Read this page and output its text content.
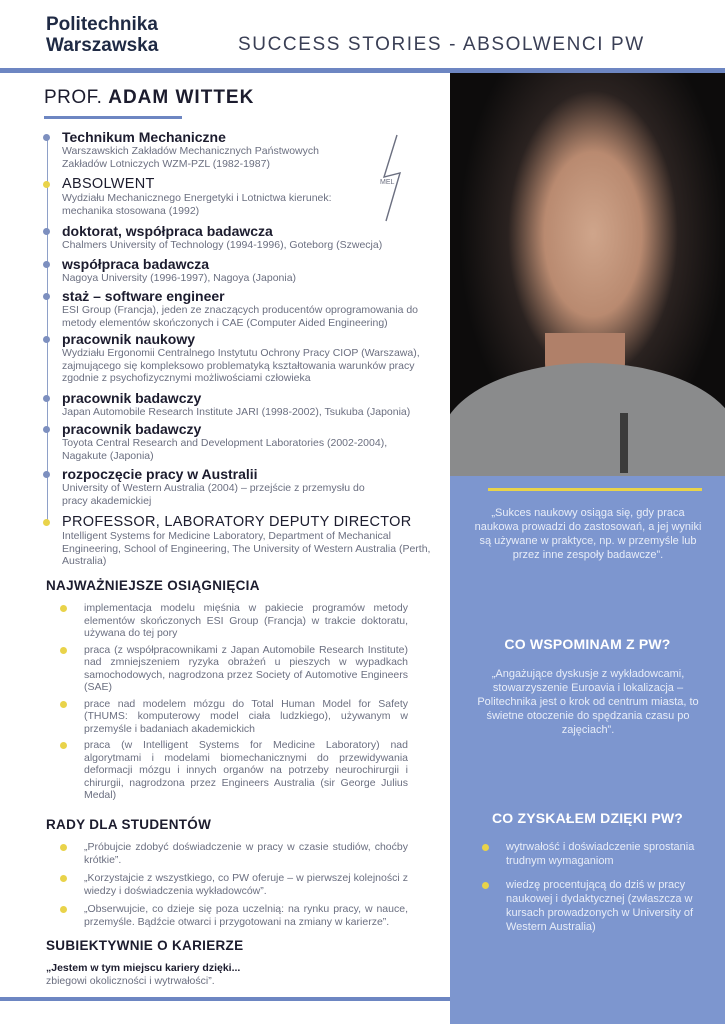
Politechnika
Warszawska	SUCCESS STORIES - ABSOLWENCI PW
PROF. ADAM WITTEK
Technikum Mechaniczne
Warszawskich Zakładów Mechanicznych Państwowych Zakładów Lotniczych WZM-PZL (1982-1987)
ABSOLWENT
Wydziału Mechanicznego Energetyki i Lotnictwa kierunek: mechanika stosowana (1992)
doktorat, współpraca badawcza
Chalmers University of Technology (1994-1996), Goteborg (Szwecja)
współpraca badawcza
Nagoya University (1996-1997), Nagoya (Japonia)
staż – software engineer
ESI Group (Francja), jeden ze znaczących producentów oprogramowania do metody elementów skończonych i CAE (Computer Aided Engineering)
pracownik naukowy
Wydziału Ergonomii Centralnego Instytutu Ochrony Pracy CIOP (Warszawa), zajmującego się kompleksowo problematyką kształtowania warunków pracy zgodnie z psychofizycznymi możliwościami człowieka
pracownik badawczy
Japan Automobile Research Institute JARI (1998-2002), Tsukuba (Japonia)
pracownik badawczy
Toyota Central Research and Development Laboratories (2002-2004), Nagakute (Japonia)
rozpoczęcie pracy w Australii
University of Western Australia (2004) – przejście z przemysłu do pracy akademickiej
PROFESSOR, LABORATORY DEPUTY DIRECTOR
Intelligent Systems for Medicine Laboratory, Department of Mechanical Engineering, School of Engineering, The University of Western Australia (Perth, Australia)
MEL
NAJWAŻNIEJSZE OSIĄGNIĘCIA
implementacja modelu mięśnia w pakiecie programów metody elementów skończonych ESI Group (Francja) w trakcie doktoratu, używana do tej pory
praca (z współpracownikami z Japan Automobile Research Institute) nad zmniejszeniem ryzyka obrażeń u pieszych w wypadkach samochodowych, nagrodzona przez Society of Automotive Engineers (SAE)
prace nad modelem mózgu do Total Human Model for Safety (THUMS: komputerowy model ciała ludzkiego), używanym w przemyśle i badaniach akademickich
praca (w Intelligent Systems for Medicine Laboratory) nad algorytmami i modelami biomechanicznymi do przewidywania deformacji mózgu i innych organów na potrzeby neurochirurgii i chirurgii, nagrodzona przez Engineers Australia (sir George Julius Medal)
RADY DLA STUDENTÓW
„Próbujcie zdobyć doświadczenie w pracy w czasie studiów, choćby krótkie”.
„Korzystajcie z wszystkiego, co PW oferuje – w pierwszej kolejności z wiedzy i doświadczenia wykładowców”.
„Obserwujcie, co dzieje się poza uczelnią: na rynku pracy, w nauce, przemyśle. Bądźcie otwarci i przygotowani na zmiany w karierze”.
SUBIEKTYWNIE O KARIERZE
„Jestem w tym miejscu kariery dzięki...
zbiegowi okoliczności i wytrwałości”.
„Sukces naukowy osiąga się, gdy praca naukowa prowadzi do zastosowań, a jej wyniki są używane w praktyce, np. w przemyśle lub przez inne zespoły badawcze”.
CO WSPOMINAM Z PW?
„Angażujące dyskusje z wykładowcami, stowarzyszenie Euroavia i lokalizacja – Politechnika jest o krok od centrum miasta, to świetne otoczenie do spędzania czasu po zajęciach”.
CO ZYSKAŁEM DZIĘKI PW?
wytrwałość i doświadczenie sprostania trudnym wymaganiom
wiedzę procentującą do dziś w pracy naukowej i dydaktycznej (zwłaszcza w kursach prowadzonych w University of Western Australia)
